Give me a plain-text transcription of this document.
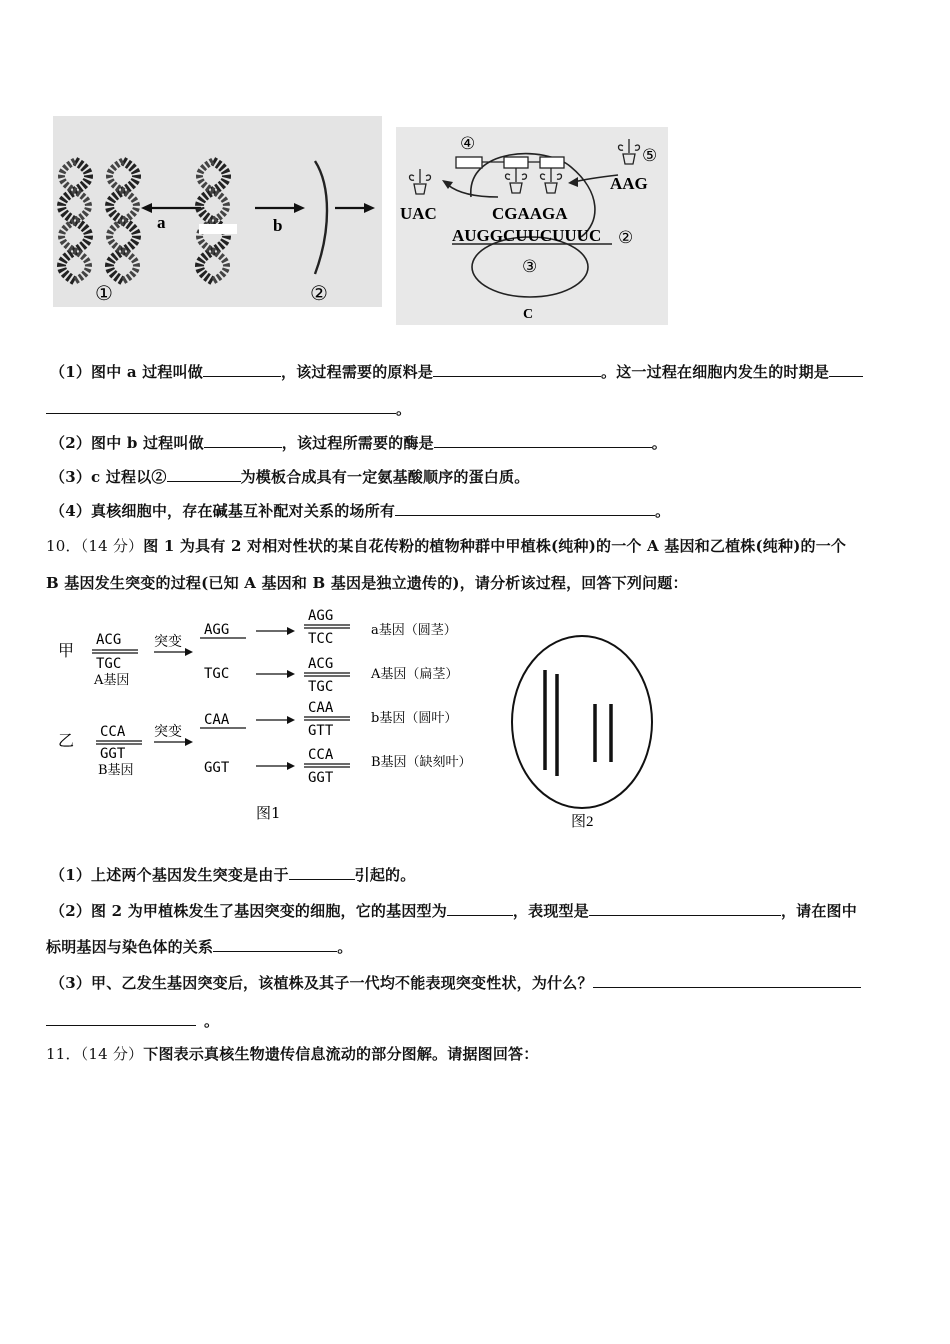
a	b
①	②
④
⑤
UAC
AAG
CGAAGA
AUGGCUUCUUUC ②
③
C
（1）图中 a 过程叫做	，该过程需要的原料是	。这一过程在细胞内发生的时期是
。
（2）图中 b 过程叫做	，该过程所需要的酶是	。
（3）c 过程以②	为模板合成具有一定氨基酸顺序的蛋白质。
（4）真核细胞中，存在碱基互补配对关系的场所有	。
10．（14 分）图 1 为具有 2 对相对性状的某自花传粉的植物种群中甲植株(纯种)的一个 A 基因和乙植株(纯种)的一个
B 基因发生突变的过程(已知 A 基因和 B 基因是独立遗传的)，请分析该过程，回答下列问题：
甲
ACG
TGC
A基因
突变
乙 CCA
GGT
B基因
突变
AGG
AGG
TCC
a基因（圆茎）
TGC
ACG
TGC
A基因（扁茎）
CAA
CAA
GTT
b基因（圆叶）
GGT
CCA
GGT
B基因（缺刻叶）
图1	图2
（1）上述两个基因发生突变是由于	引起的。
（2）图 2 为甲植株发生了基因突变的细胞，它的基因型为	，表现型是	，请在图中
标明基因与染色体的关系	。
（3）甲、乙发生基因突变后，该植株及其子一代均不能表现突变性状，为什么？
。
11．（14 分）下图表示真核生物遗传信息流动的部分图解。请据图回答：
